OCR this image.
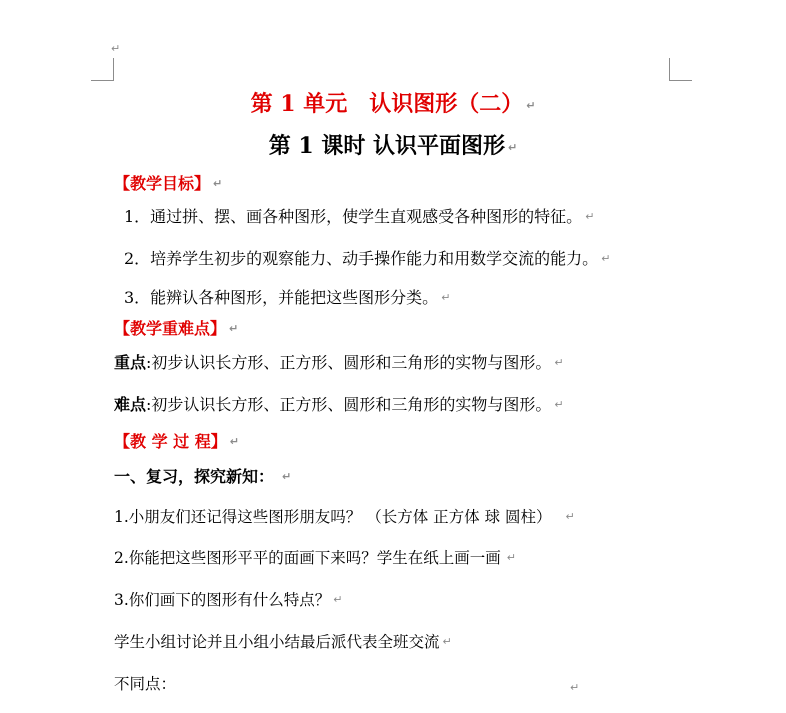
↵
第 1 单元　认识图形（二） ↵
第 1 课时 认识平面图形 ↵
【教学目标】 ↵
1．通过拼、摆、画各种图形，使学生直观感受各种图形的特征。 ↵
2．培养学生初步的观察能力、动手操作能力和用数学交流的能力。 ↵
3．能辨认各种图形，并能把这些图形分类。 ↵
【教学重难点】 ↵
重点:初步认识长方形、正方形、圆形和三角形的实物与图形。 ↵
难点:初步认识长方形、正方形、圆形和三角形的实物与图形。 ↵
【教 学 过 程】 ↵
一、复习，探究新知： ↵
1.小朋友们还记得这些图形朋友吗？ （长方体 正方体 球 圆柱） ↵
2.你能把这些图形平平的面画下来吗？学生在纸上画一画 ↵
3.你们画下的图形有什么特点？ ↵
学生小组讨论并且小组小结最后派代表全班交流 ↵
不同点：	↵
